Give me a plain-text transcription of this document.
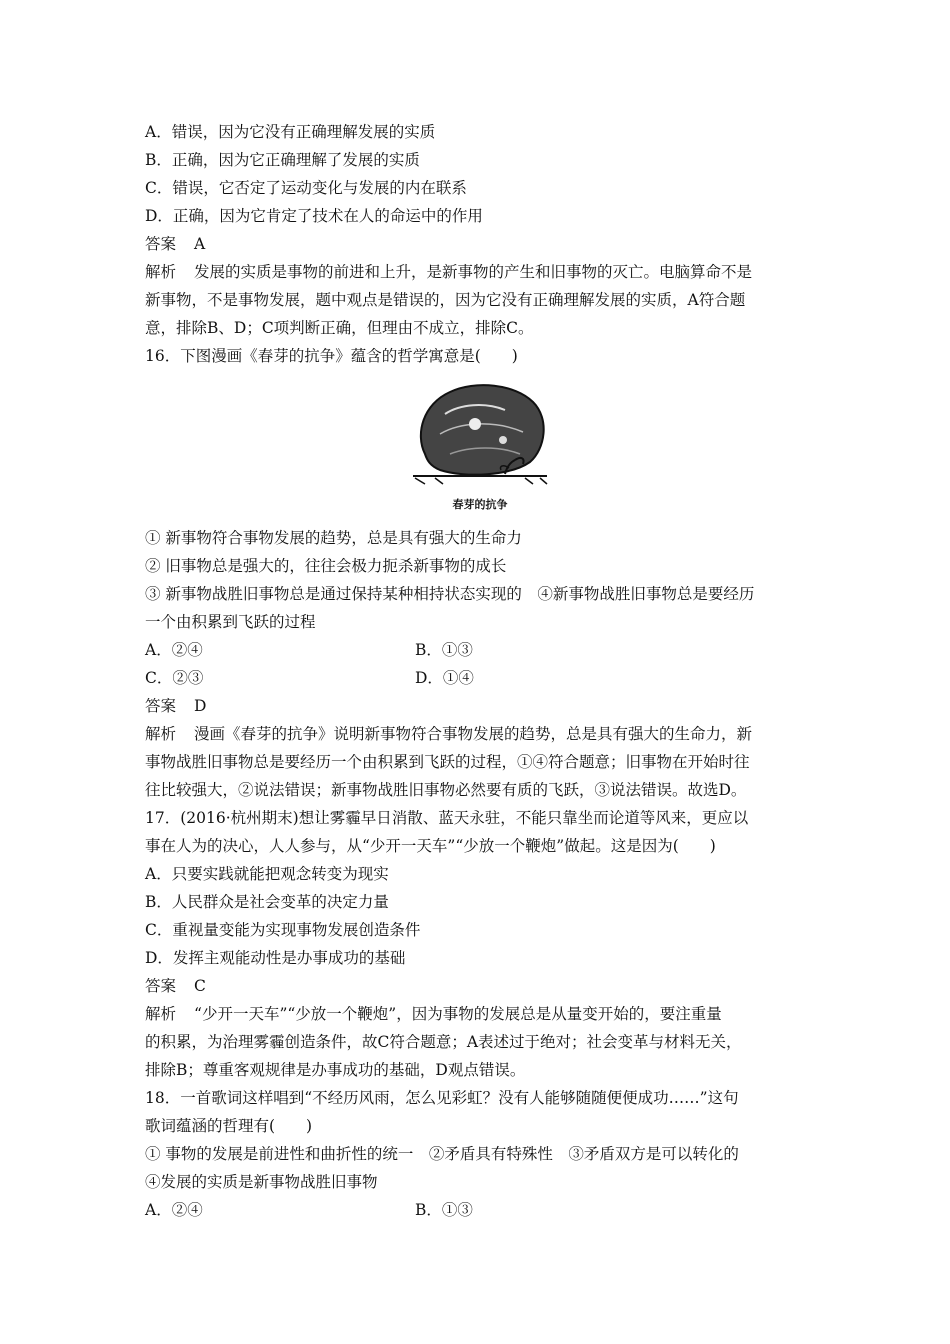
A．错误，因为它没有正确理解发展的实质
B．正确，因为它正确理解了发展的实质
C．错误，它否定了运动变化与发展的内在联系
D．正确，因为它肯定了技术在人的命运中的作用
答案 A
解析 发展的实质是事物的前进和上升，是新事物的产生和旧事物的灭亡。电脑算命不是
新事物，不是事物发展，题中观点是错误的，因为它没有正确理解发展的实质，A符合题
意，排除B、D；C项判断正确，但理由不成立，排除C。
16．下图漫画《春芽的抗争》蕴含的哲学寓意是(　　)
春芽的抗争
① 新事物符合事物发展的趋势，总是具有强大的生命力
② 旧事物总是强大的，往往会极力扼杀新事物的成长
③ 新事物战胜旧事物总是通过保持某种相持状态实现的　④新事物战胜旧事物总是要经历
一个由积累到飞跃的过程
A．②④	B．①③
C．②③	D．①④
答案 D
解析 漫画《春芽的抗争》说明新事物符合事物发展的趋势，总是具有强大的生命力，新
事物战胜旧事物总是要经历一个由积累到飞跃的过程，①④符合题意；旧事物在开始时往
往比较强大，②说法错误；新事物战胜旧事物必然要有质的飞跃，③说法错误。故选D。
17．(2016·杭州期末)想让雾霾早日消散、蓝天永驻，不能只靠坐而论道等风来，更应以
事在人为的决心，人人参与，从“少开一天车”“少放一个鞭炮”做起。这是因为(　　)
A．只要实践就能把观念转变为现实
B．人民群众是社会变革的决定力量
C．重视量变能为实现事物发展创造条件
D．发挥主观能动性是办事成功的基础
答案 C
解析 “少开一天车”“少放一个鞭炮”，因为事物的发展总是从量变开始的，要注重量
的积累，为治理雾霾创造条件，故C符合题意；A表述过于绝对；社会变革与材料无关，
排除B；尊重客观规律是办事成功的基础，D观点错误。
18．一首歌词这样唱到“不经历风雨，怎么见彩虹？没有人能够随随便便成功……”这句
歌词蕴涵的哲理有(　　)
① 事物的发展是前进性和曲折性的统一　②矛盾具有特殊性　③矛盾双方是可以转化的
④发展的实质是新事物战胜旧事物
A．②④	B．①③
